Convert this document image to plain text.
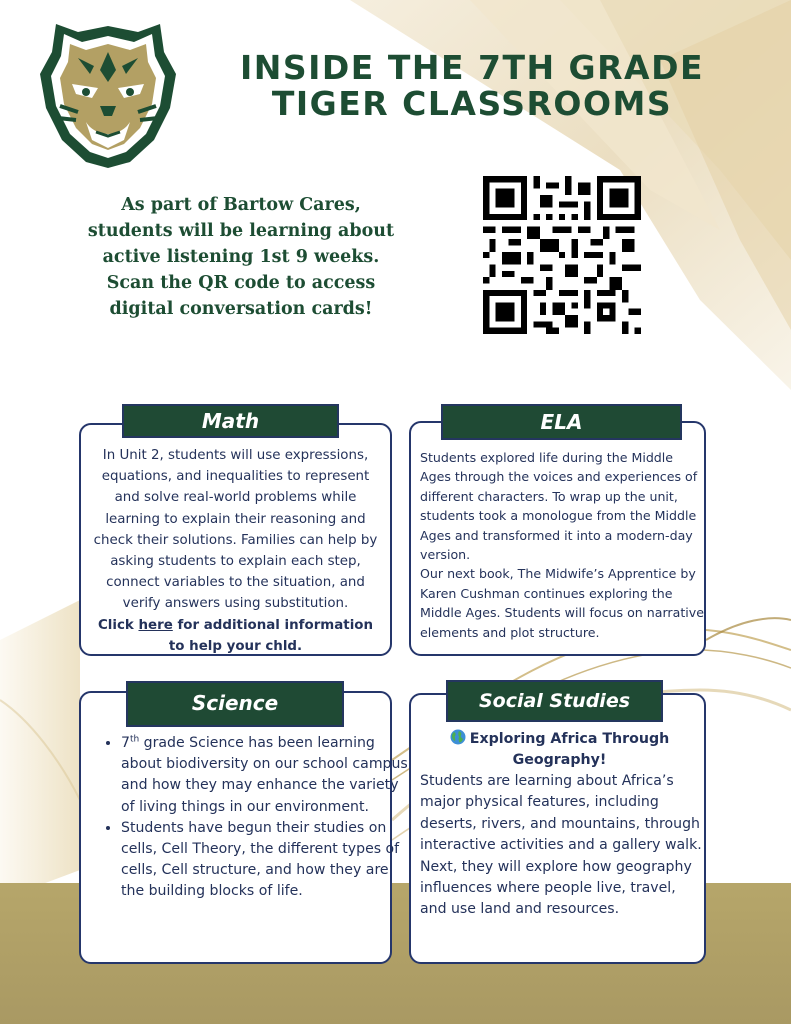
INSIDE THE 7TH GRADE
TIGER CLASSROOMS

As part of Bartow Cares, students will be learning about active listening 1st 9 weeks. Scan the QR code to access digital conversation cards!

In Unit 2, students will use expressions, equations, and inequalities to represent and solve real-world problems while learning to explain their reasoning and check their solutions. Families can help by asking students to explain each step, connect variables to the situation, and verify answers using substitution.
Click here for additional information to help your chld.

Math

Students explored life during the Middle Ages through the voices and experiences of different characters. To wrap up the unit, students took a monologue from the Middle Ages and transformed it into a modern-day version.
Our next book, The Midwife’s Apprentice by Karen Cushman continues exploring the Middle Ages. Students will focus on narrative elements and plot structure.

ELA
• 7th grade Science has been learning about biodiversity on our school campus and how they may enhance the variety of living things in our environment.
• Students have begun their studies on cells, Cell Theory, the different types of cells, Cell structure, and how they are the building blocks of life.
Science
Exploring Africa Through Geography!

Students are learning about Africa’s major physical features, including deserts, rivers, and mountains, through interactive activities and a gallery walk. Next, they will explore how geography influences where people live, travel, and use land and resources.

Social Studies
